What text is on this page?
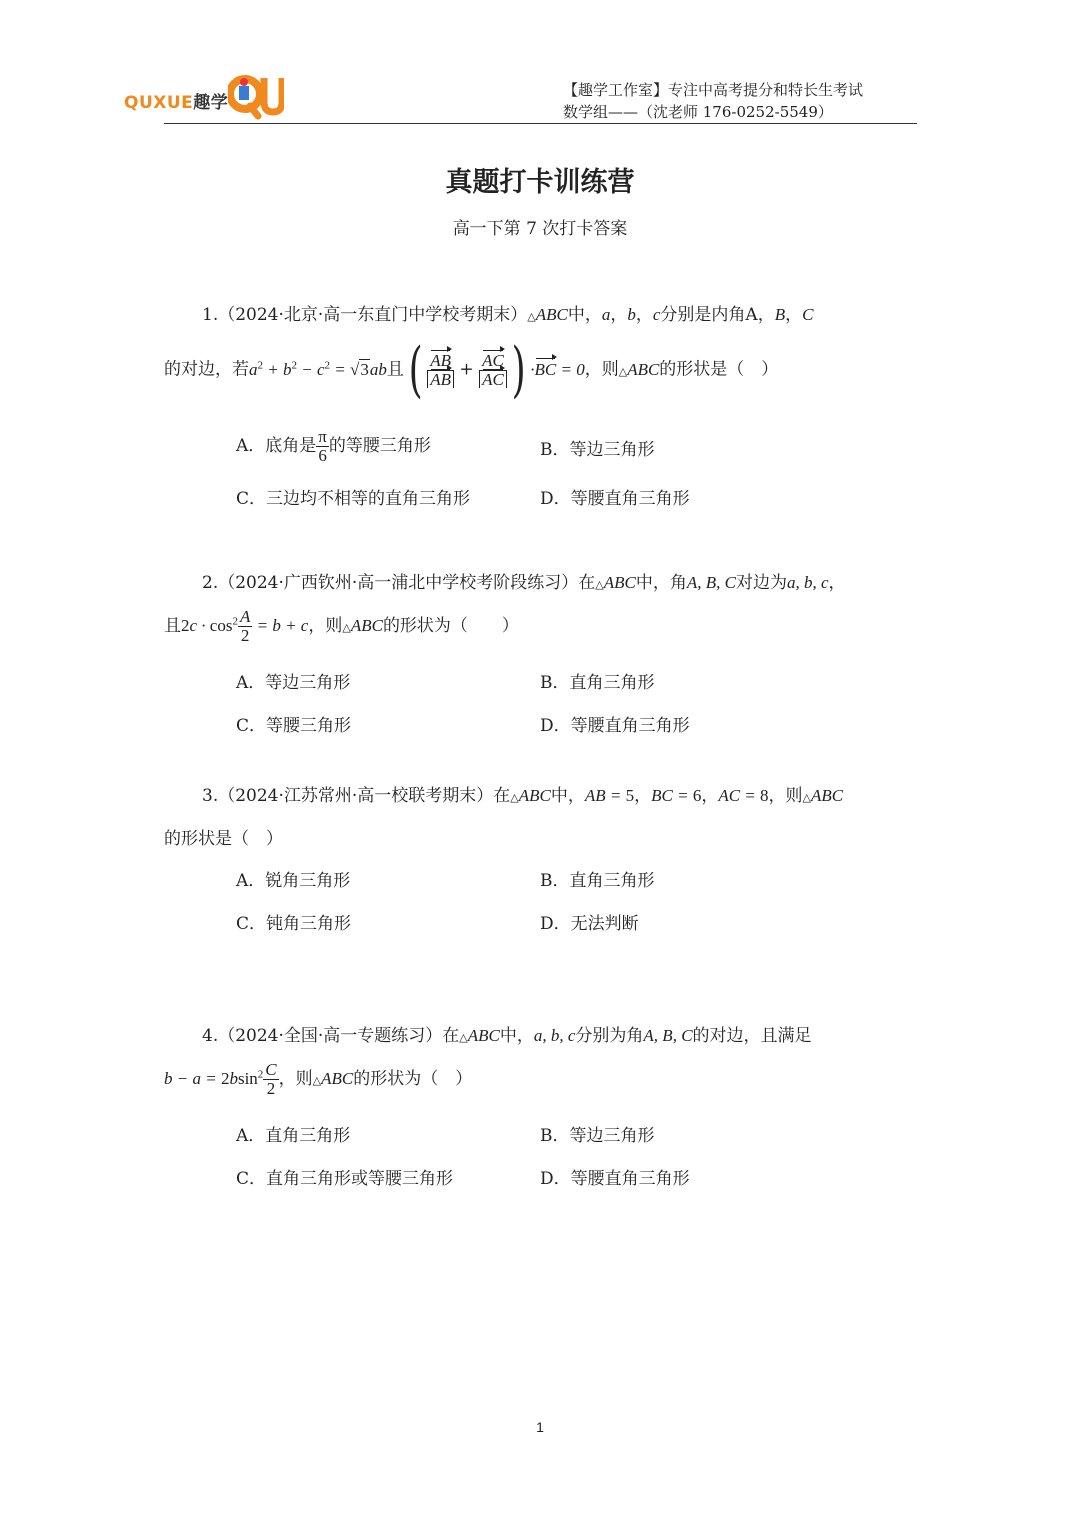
QUXUE趣学
【趣学工作室】专注中高考提分和特长生考试
数学组——（沈老师 176-0252-5549）
真题打卡训练营
高一下第 7 次打卡答案
1.（2024·北京·高一东直门中学校考期末）△ABC中，a，b，c分别是内角A，B，C
的对边，若$a^2 + b^2 - c^2 = √3ab$且( $\frac{AB}{AB} + \frac{AC}{AC}$ ) ·BC = 0，则△ABC的形状是（　）
A．底角是 $\frac{\pi}{6}$ 的等腰三角形	B．等边三角形
C．三边均不相等的直角三角形	D．等腰直角三角形
2.（2024·广西钦州·高一浦北中学校考阶段练习）在△ABC中，角A, B, C对边为a, b, c，
且$2c \cdot \cos^2 \frac{A}{2} = b + c$，则△ABC的形状为（　　）
A．等边三角形	B．直角三角形
C．等腰三角形	D．等腰直角三角形
3.（2024·江苏常州·高一校联考期末）在△ABC中，AB = 5，BC = 6，AC = 8，则△ABC
的形状是（　）
A．锐角三角形	B．直角三角形
C．钝角三角形	D．无法判断
4.（2024·全国·高一专题练习）在△ABC中，a, b, c分别为角A, B, C的对边，且满足
$b - a = 2bsin^2 \frac{C}{2}$ ，则△ABC的形状为（　）
A．直角三角形	B．等边三角形
C．直角三角形或等腰三角形	D．等腰直角三角形
1
